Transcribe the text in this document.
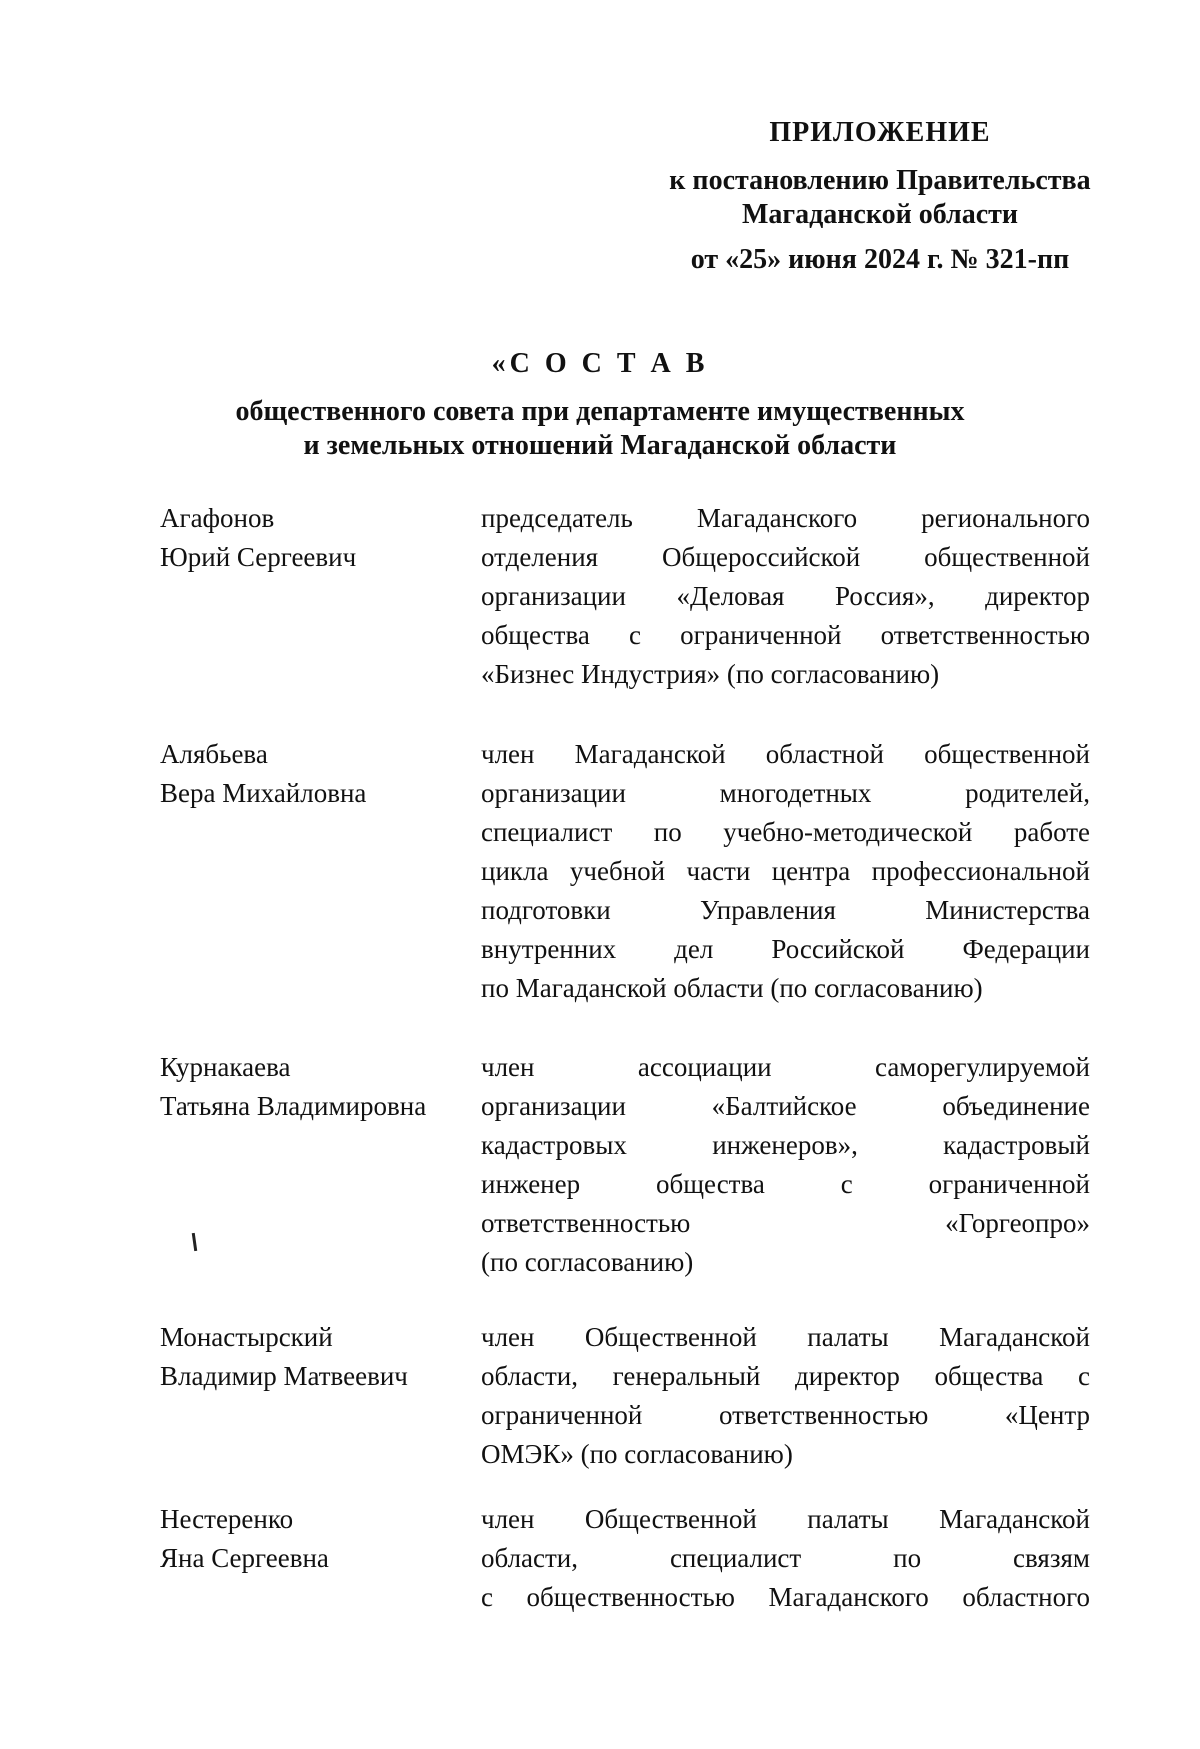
ПРИЛОЖЕНИЕ
к постановлению Правительства
Магаданской области
от «25» июня 2024 г. № 321-пп
«С О С Т А В
общественного совета при департаменте имущественных
и земельных отношений Магаданской области
Агафонов
Юрий Сергеевич
председатель Магаданского регионального
отделения Общероссийской общественной
организации «Деловая Россия», директор
общества с ограниченной ответственностью
«Бизнес Индустрия» (по согласованию)
Алябьева
Вера Михайловна
член Магаданской областной общественной
организации многодетных родителей,
специалист по учебно-методической работе
цикла учебной части центра профессиональной
подготовки Управления Министерства
внутренних дел Российской Федерации
по Магаданской области (по согласованию)
Курнакаева
Татьяна Владимировна
член ассоциации саморегулируемой
организации «Балтийское объединение
кадастровых инженеров», кадастровый
инженер общества с ограниченной
ответственностью «Горгеопро»
(по согласованию)
Монастырский
Владимир Матвеевич
член Общественной палаты Магаданской
области, генеральный директор общества с
ограниченной ответственностью «Центр
ОМЭК» (по согласованию)
Нестеренко
Яна Сергеевна
член Общественной палаты Магаданской
области, специалист по связям
с общественностью Магаданского областного
